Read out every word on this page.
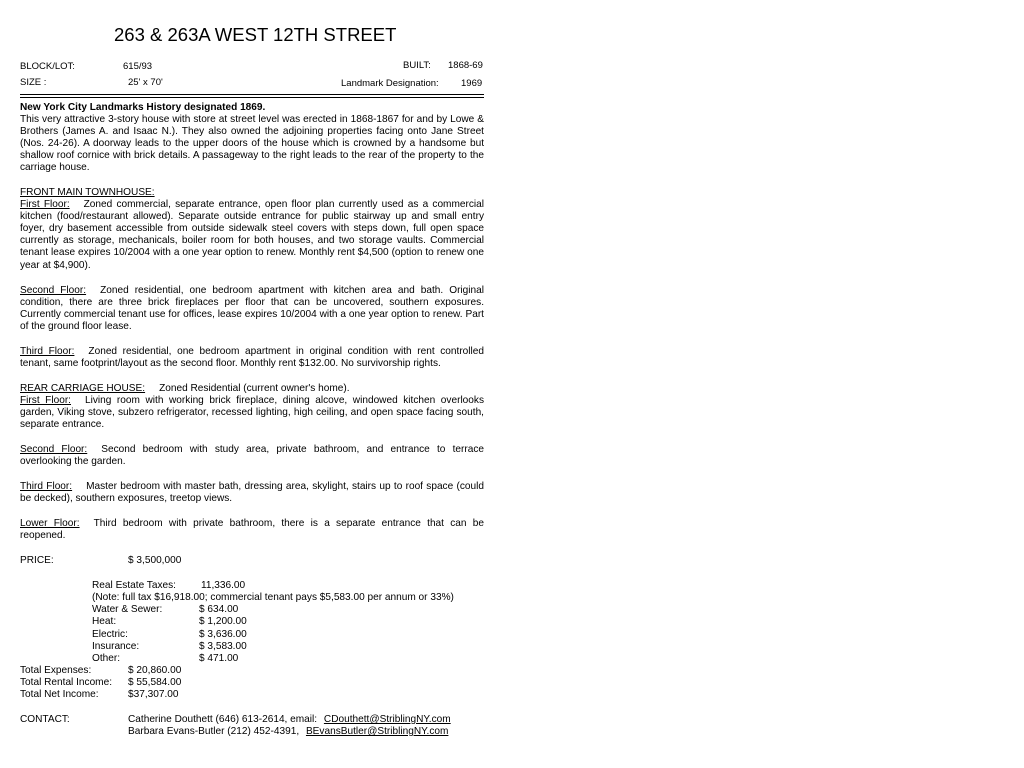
263 & 263A WEST 12TH STREET
BLOCK/LOT:	615/93	BUILT: 1868-69
SIZE :	25' x 70'	Landmark Designation: 1969

New York City Landmarks History designated 1869.

This very attractive 3-story house with store at street level was erected in 1868-1867 for and by Lowe & Brothers (James A. and Isaac N.). They also owned the adjoining properties facing onto Jane Street (Nos. 24-26). A doorway leads to the upper doors of the house which is crowned by a handsome but shallow roof cornice with brick details. A passageway to the right leads to the rear of the property to the carriage house.

FRONT MAIN TOWNHOUSE:

First Floor: Zoned commercial, separate entrance, open floor plan currently used as a commercial kitchen (food/restaurant allowed). Separate outside entrance for public stairway up and small entry foyer, dry basement accessible from outside sidewalk steel covers with steps down, full open space currently as storage, mechanicals, boiler room for both houses, and two storage vaults. Commercial tenant lease expires 10/2004 with a one year option to renew. Monthly rent $4,500 (option to renew one year at $4,900).

Second Floor: Zoned residential, one bedroom apartment with kitchen area and bath. Original condition, there are three brick fireplaces per floor that can be uncovered, southern exposures. Currently commercial tenant use for offices, lease expires 10/2004 with a one year option to renew. Part of the ground floor lease.

Third Floor: Zoned residential, one bedroom apartment in original condition with rent controlled tenant, same footprint/layout as the second floor. Monthly rent $132.00. No survivorship rights.

REAR CARRIAGE HOUSE: Zoned Residential (current owner's home).

First Floor: Living room with working brick fireplace, dining alcove, windowed kitchen overlooks garden, Viking stove, subzero refrigerator, recessed lighting, high ceiling, and open space facing south, separate entrance.

Second Floor: Second bedroom with study area, private bathroom, and entrance to terrace overlooking the garden.

Third Floor: Master bedroom with master bath, dressing area, skylight, stairs up to roof space (could be decked), southern exposures, treetop views.

Lower Floor: Third bedroom with private bathroom, there is a separate entrance that can be reopened.

PRICE:	$ 3,500,000
Real Estate Taxes: 11,336.00
(Note: full tax $16,918.00; commercial tenant pays $5,583.00 per annum or 33%)
Water & Sewer:	$ 634.00
Heat:	$ 1,200.00
Electric:	$ 3,636.00
Insurance:	$ 3,583.00
Other:	$ 471.00
Total Expenses:	$ 20,860.00
Total Rental Income: $ 55,584.00
Total Net Income:	$37,307.00
CONTACT:	Catherine Douthett (646) 613-2614, email: CDouthett@StriblingNY.com
Barbara Evans-Butler (212) 452-4391, BEvansButler@StriblingNY.com
